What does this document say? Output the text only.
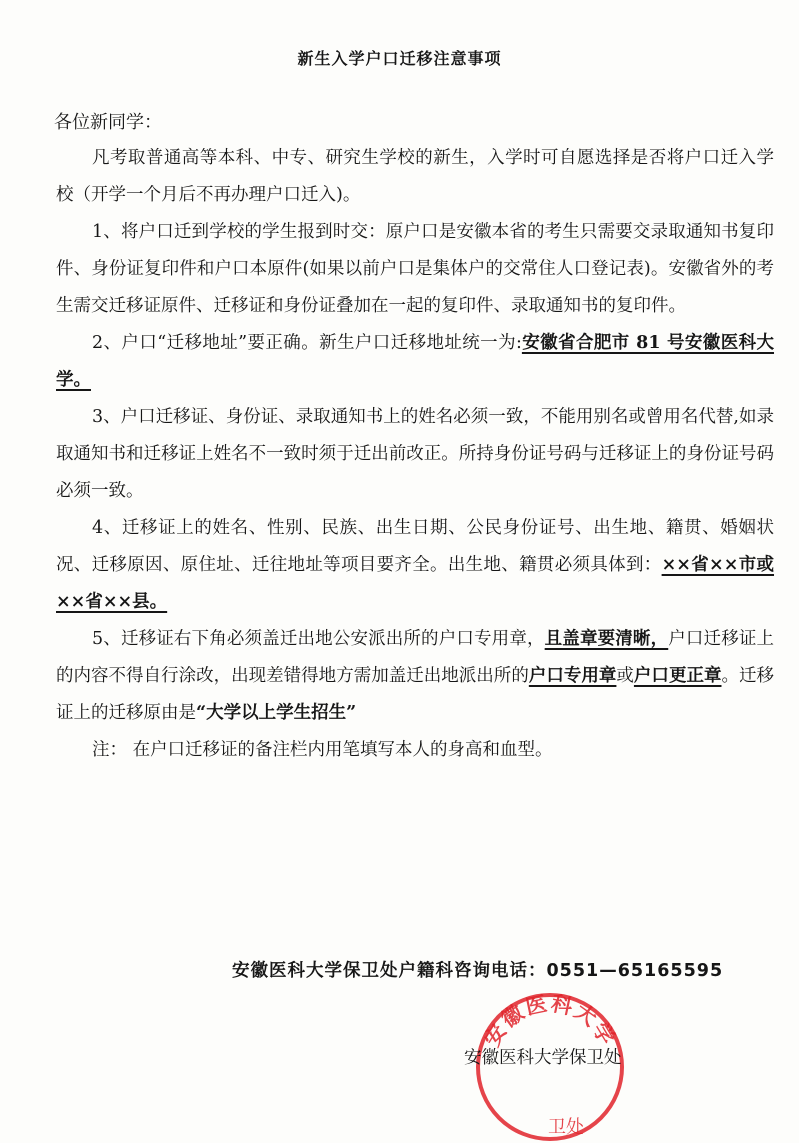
新生入学户口迁移注意事项
各位新同学：

凡考取普通高等本科、中专、研究生学校的新生，入学时可自愿选择是否将户口迁入学校（开学一个月后不再办理户口迁入)。

1、将户口迁到学校的学生报到时交：原户口是安徽本省的考生只需要交录取通知书复印件、身份证复印件和户口本原件(如果以前户口是集体户的交常住人口登记表)。安徽省外的考生需交迁移证原件、迁移证和身份证叠加在一起的复印件、录取通知书的复印件。

2、户口“迁移地址”要正确。新生户口迁移地址统一为:安徽省合肥市 81 号安徽医科大学。

3、户口迁移证、身份证、录取通知书上的姓名必须一致，不能用别名或曾用名代替,如录取通知书和迁移证上姓名不一致时须于迁出前改正。所持身份证号码与迁移证上的身份证号码必须一致。

4、迁移证上的姓名、性别、民族、出生日期、公民身份证号、出生地、籍贯、婚姻状况、迁移原因、原住址、迁往地址等项目要齐全。出生地、籍贯必须具体到：××省××市或××省××县。

5、迁移证右下角必须盖迁出地公安派出所的户口专用章，且盖章要清晰，户口迁移证上的内容不得自行涂改，出现差错得地方需加盖迁出地派出所的户口专用章或户口更正章。迁移证上的迁移原由是“大学以上学生招生”

注： 在户口迁移证的备注栏内用笔填写本人的身高和血型。

安徽医科大学保卫处户籍科咨询电话：0551—65165595
安徽医科大学
卫处
安徽医科大学保卫处
